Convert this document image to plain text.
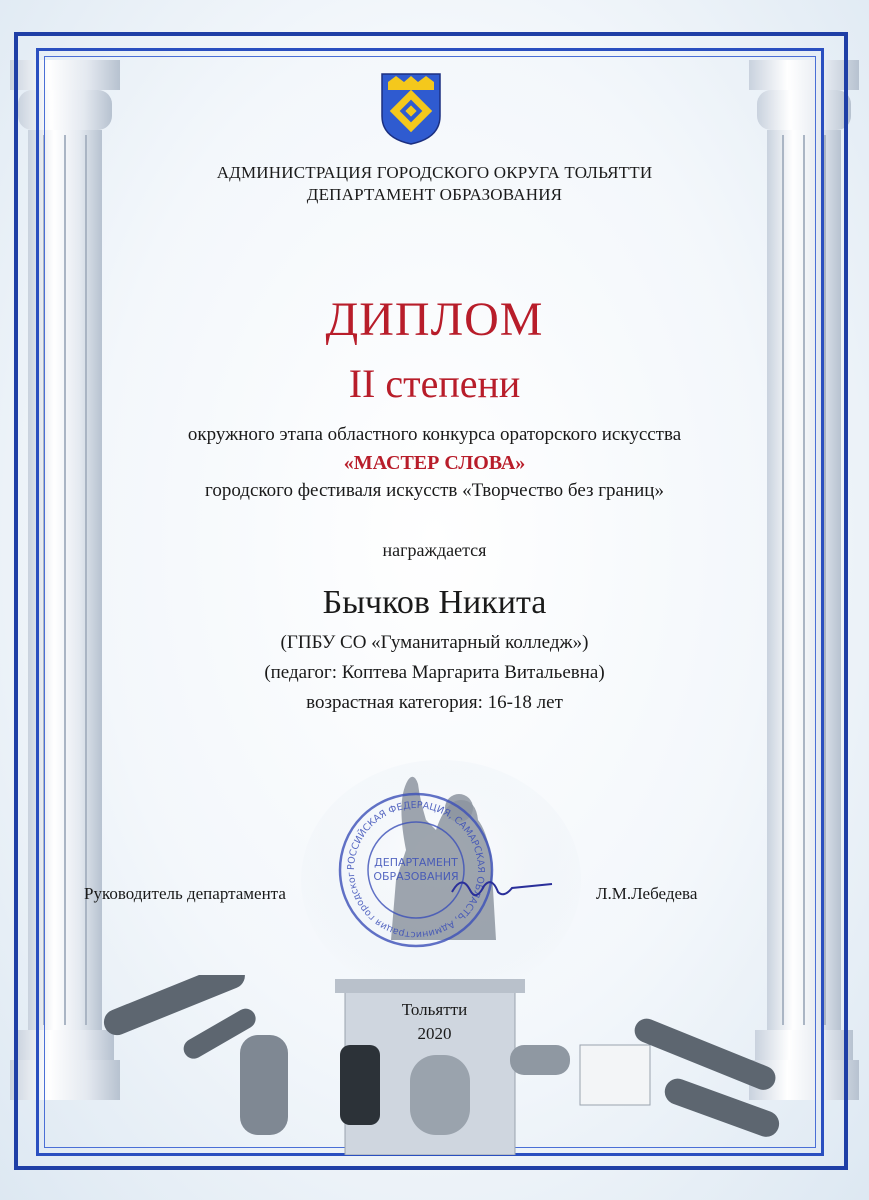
АДМИНИСТРАЦИЯ ГОРОДСКОГО ОКРУГА ТОЛЬЯТТИ
ДЕПАРТАМЕНТ ОБРАЗОВАНИЯ
ДИПЛОМ
II степени
окружного этапа областного конкурса ораторского искусства
«МАСТЕР СЛОВА»
городского фестиваля искусств «Творчество без границ»
награждается
Бычков Никита
(ГПБУ СО «Гуманитарный колледж»)
(педагог: Коптева Маргарита Витальевна)
возрастная категория: 16-18 лет
Тольятти
2020
Руководитель департамента
РОССИЙСКАЯ ФЕДЕРАЦИЯ, САМАРСКАЯ ОБЛАСТЬ, Администрация городског
ДЕПАРТАМЕНТ
ОБРАЗОВАНИЯ
Л.М.Лебедева
